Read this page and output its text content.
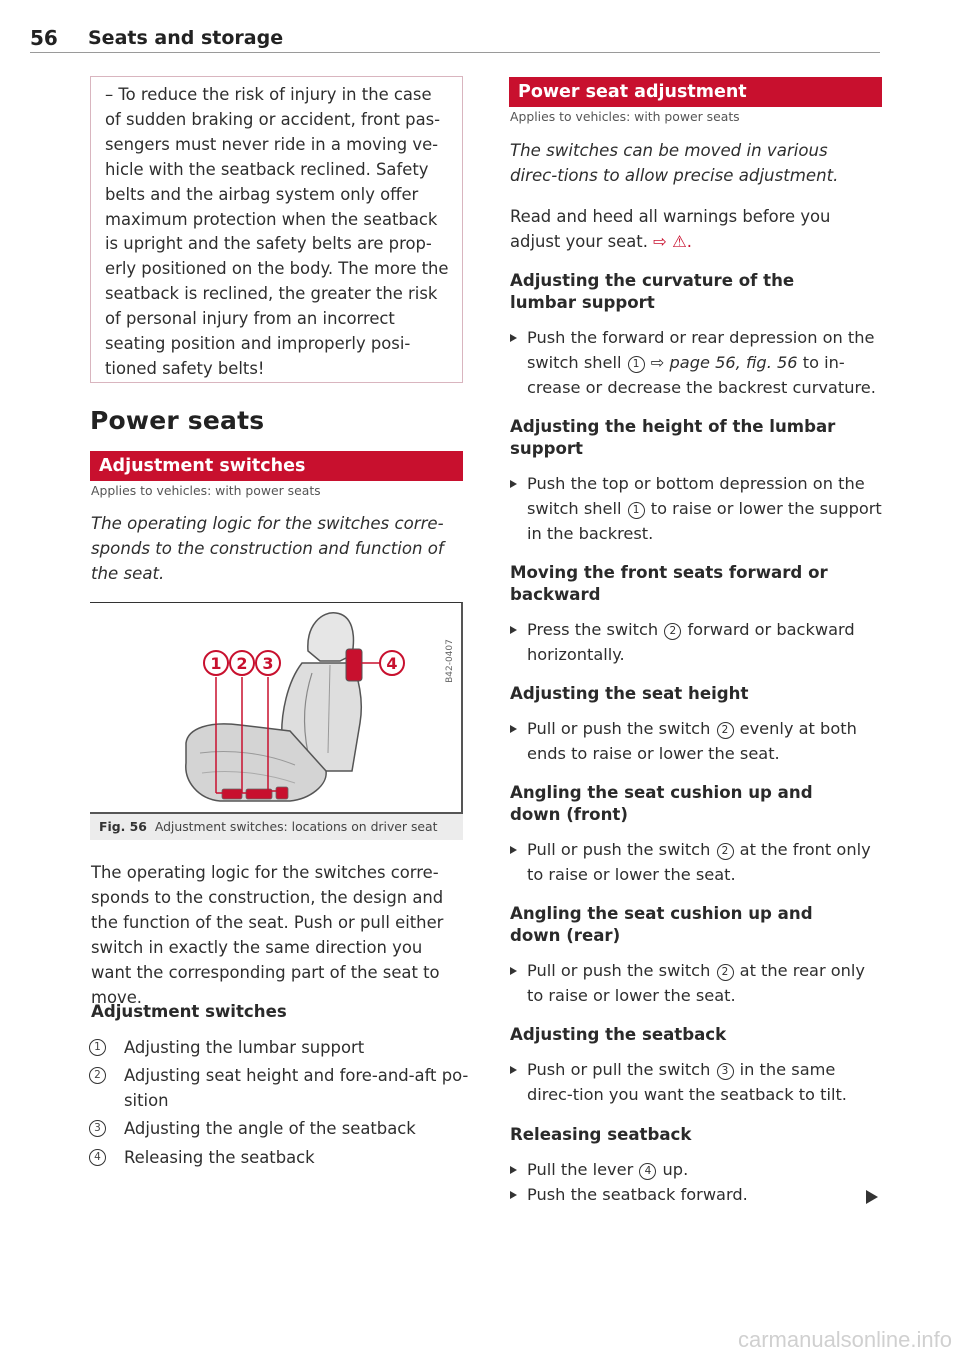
56 Seats and storage

– To reduce the risk of injury in the case of sudden braking or accident, front pas-sengers must never ride in a moving ve-hicle with the seatback reclined. Safety belts and the airbag system only offer maximum protection when the seatback is upright and the safety belts are prop-erly positioned on the body. The more the seatback is reclined, the greater the risk of personal injury from an incorrect seating position and improperly posi-tioned safety belts!

Power seats
Adjustment switches
Applies to vehicles: with power seats

The operating logic for the switches corre-sponds to the construction and function of the seat.

1 2 3	4	B42-0407
Fig. 56 Adjustment switches: locations on driver seat

The operating logic for the switches corre-sponds to the construction, the design and the function of the seat. Push or pull either switch in exactly the same direction you want the corresponding part of the seat to move.

Adjustment switches
1	Adjusting the lumbar support
2	Adjusting seat height and fore-and-aft po-
sition
3	Adjusting the angle of the seatback
4	Releasing the seatback
Power seat adjustment
Applies to vehicles: with power seats

The switches can be moved in various direc-tions to allow precise adjustment.

Read and heed all warnings before you adjust your seat. ⇨ ⚠.

Adjusting the curvature of the lumbar support
Push the forward or rear depression on the switch shell 1 ⇨ page 56, fig. 56 to in-crease or decrease the backrest curvature.
Adjusting the height of the lumbar support
Push the top or bottom depression on the switch shell 1 to raise or lower the support in the backrest.
Moving the front seats forward or backward
Press the switch 2 forward or backward horizontally.
Adjusting the seat height
Pull or push the switch 2 evenly at both ends to raise or lower the seat.
Angling the seat cushion up and down (front)
Pull or push the switch 2 at the front only to raise or lower the seat.
Angling the seat cushion up and down (rear)
Pull or push the switch 2 at the rear only to raise or lower the seat.
Adjusting the seatback
Push or pull the switch 3 in the same direc-tion you want the seatback to tilt.
Releasing seatback
Pull the lever 4 up.
Push the seatback forward.
carmanualsonline.info
